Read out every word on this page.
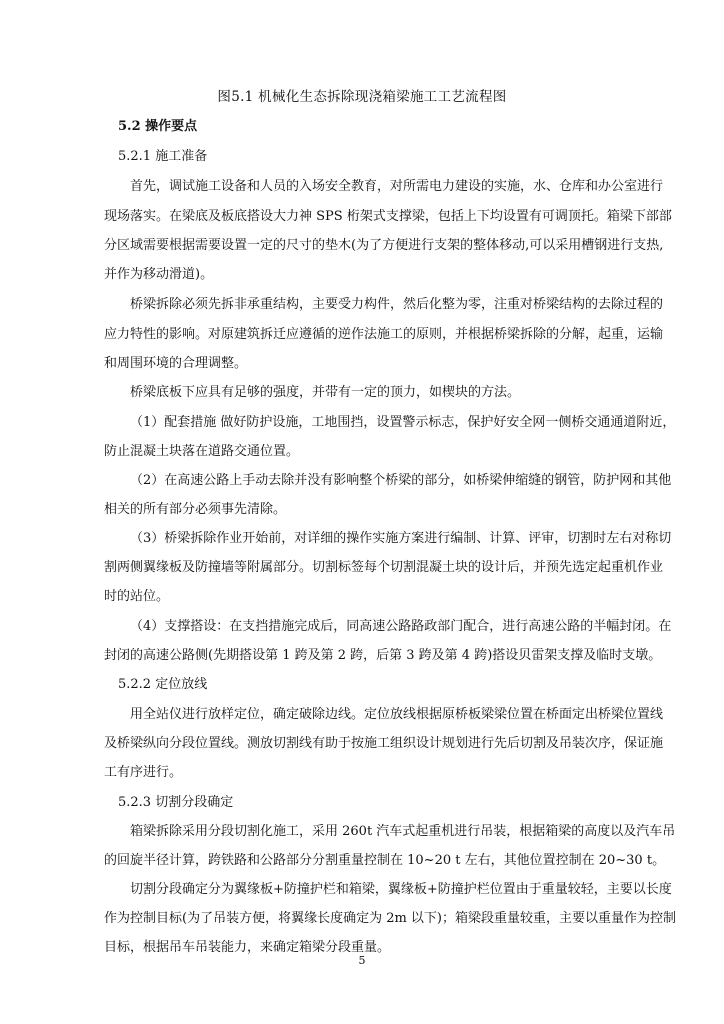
图5.1 机械化生态拆除现浇箱梁施工工艺流程图
5.2 操作要点
5.2.1 施工准备
首先，调试施工设备和人员的入场安全教育，对所需电力建设的实施，水、仓库和办公室进行
现场落实。在梁底及板底搭设大力神 SPS 桁架式支撑梁，包括上下均设置有可调顶托。箱梁下部部
分区域需要根据需要设置一定的尺寸的垫木(为了方便进行支架的整体移动,可以采用槽钢进行支热,
并作为移动滑道)。
桥梁拆除必须先拆非承重结构，主要受力构件，然后化整为零，注重对桥梁结构的去除过程的
应力特性的影响。对原建筑拆迁应遵循的逆作法施工的原则，并根据桥梁拆除的分解，起重，运输
和周围环境的合理调整。
桥梁底板下应具有足够的强度，并带有一定的顶力，如楔块的方法。
（1）配套措施 做好防护设施，工地围挡，设置警示标志，保护好安全网一侧桥交通通道附近，
防止混凝土块落在道路交通位置。
（2）在高速公路上手动去除并没有影响整个桥梁的部分，如桥梁伸缩缝的钢管，防护网和其他
相关的所有部分必须事先清除。
（3）桥梁拆除作业开始前，对详细的操作实施方案进行编制、计算、评审，切割时左右对称切
割两侧翼缘板及防撞墙等附属部分。切割标签每个切割混凝土块的设计后，并预先选定起重机作业
时的站位。
（4）支撑搭设：在支挡措施完成后，同高速公路路政部门配合，进行高速公路的半幅封闭。在
封闭的高速公路侧(先期搭设第 1 跨及第 2 跨，后第 3 跨及第 4 跨)搭设贝雷架支撑及临时支墩。
5.2.2 定位放线
用全站仪进行放样定位，确定破除边线。定位放线根据原桥板梁梁位置在桥面定出桥梁位置线
及桥梁纵向分段位置线。测放切割线有助于按施工组织设计规划进行先后切割及吊装次序，保证施
工有序进行。
5.2.3 切割分段确定
箱梁拆除采用分段切割化施工，采用 260t 汽车式起重机进行吊装，根据箱梁的高度以及汽车吊
的回旋半径计算，跨铁路和公路部分分割重量控制在 10~20 t 左右，其他位置控制在 20~30 t。
切割分段确定分为翼缘板+防撞护栏和箱梁，翼缘板+防撞护栏位置由于重量较轻，主要以长度
作为控制目标(为了吊装方便，将翼缘长度确定为 2m 以下)；箱梁段重量较重，主要以重量作为控制
目标，根据吊车吊装能力，来确定箱梁分段重量。
5
